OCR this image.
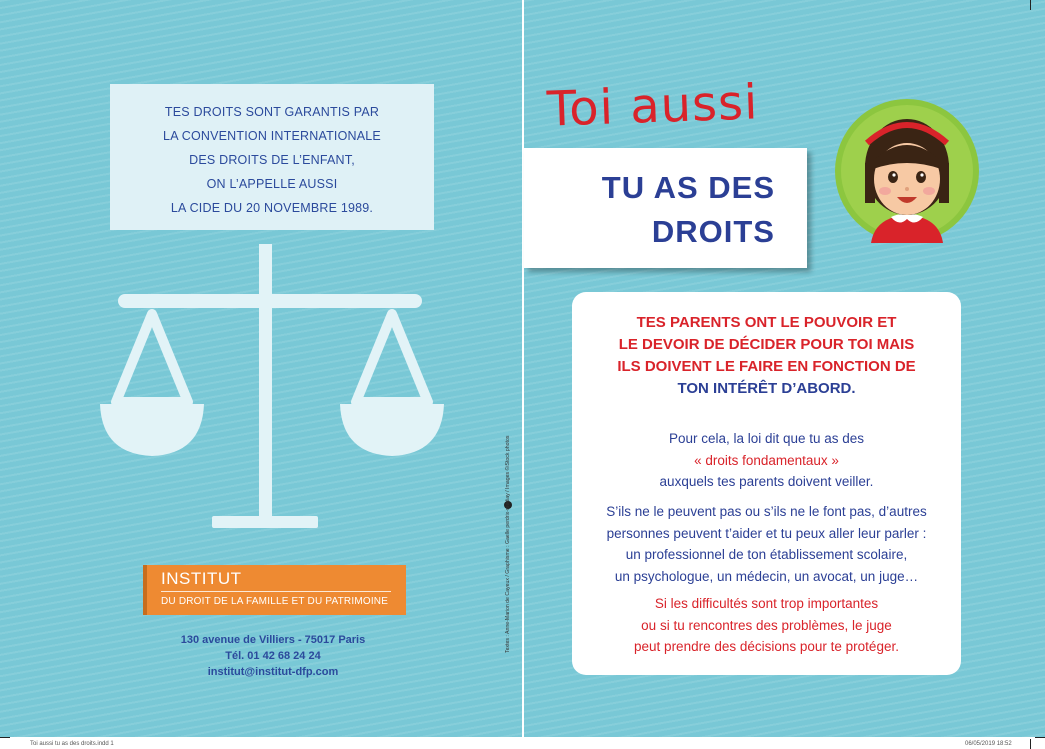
TES DROITS SONT GARANTIS PAR
LA CONVENTION INTERNATIONALE
DES DROITS DE L’ENFANT,
ON L’APPELLE AUSSI
LA CIDE DU 20 NOVEMBRE 1989.
INSTITUT
DU DROIT DE LA FAMILLE ET DU PATRIMOINE
130 avenue de Villiers - 75017 Paris
Tél. 01 42 68 24 24
institut@institut-dfp.com
Textes : Anne-Marion de Cayeux / Graphisme : Gaelle perdrix-mediay / Images ©iStock photos
Toi aussi
TU AS DES
DROITS
TES PARENTS ONT LE POUVOIR ET
LE DEVOIR DE DÉCIDER POUR TOI MAIS
ILS DOIVENT LE FAIRE EN FONCTION DE
TON INTÉRÊT D’ABORD.
Pour cela, la loi dit que tu as des
« droits fondamentaux »
auxquels tes parents doivent veiller.
S’ils ne le peuvent pas ou s’ils ne le font pas, d’autres
personnes peuvent t’aider et tu peux aller leur parler :
un professionnel de ton établissement scolaire,
un psychologue, un médecin, un avocat, un juge…
Si les difficultés sont trop importantes
ou si tu rencontres des problèmes, le juge
peut prendre des décisions pour te protéger.
Toi aussi tu as des droits.indd 1	06/05/2019 18:52
